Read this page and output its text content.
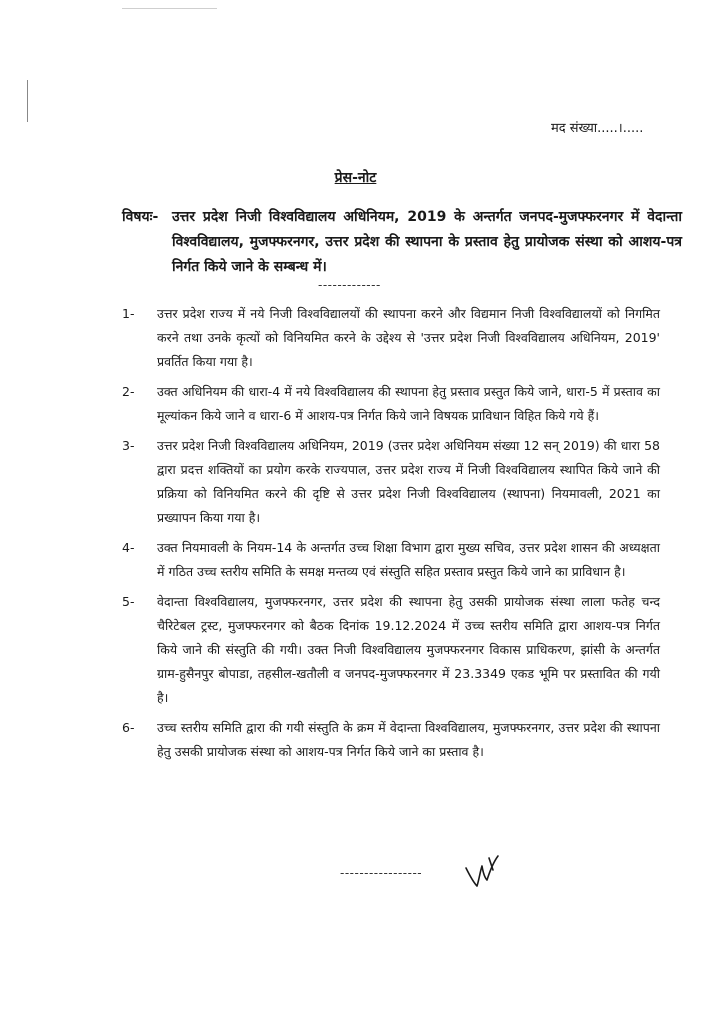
मद संख्या.....।.....
प्रेस-नोट
विषयः- उत्तर प्रदेश निजी विश्वविद्यालय अधिनियम, 2019 के अन्तर्गत जनपद-मुजफ्फरनगर में वेदान्ता विश्वविद्यालय, मुजफ्फरनगर, उत्तर प्रदेश की स्थापना के प्रस्ताव हेतु प्रायोजक संस्था को आशय-पत्र निर्गत किये जाने के सम्बन्ध में।
-------------
1-	उत्तर प्रदेश राज्य में नये निजी विश्वविद्यालयों की स्थापना करने और विद्यमान निजी विश्वविद्यालयों को निगमित करने तथा उनके कृत्यों को विनियमित करने के उद्देश्य से 'उत्तर प्रदेश निजी विश्वविद्यालय अधिनियम, 2019' प्रवर्तित किया गया है।
2-	उक्त अधिनियम की धारा-4 में नये विश्वविद्यालय की स्थापना हेतु प्रस्ताव प्रस्तुत किये जाने, धारा-5 में प्रस्ताव का मूल्यांकन किये जाने व धारा-6 में आशय-पत्र निर्गत किये जाने विषयक प्राविधान विहित किये गये हैं।
3-	उत्तर प्रदेश निजी विश्वविद्यालय अधिनियम, 2019 (उत्तर प्रदेश अधिनियम संख्या 12 सन् 2019) की धारा 58 द्वारा प्रदत्त शक्तियों का प्रयोग करके राज्यपाल, उत्तर प्रदेश राज्य में निजी विश्वविद्यालय स्थापित किये जाने की प्रक्रिया को विनियमित करने की दृष्टि से उत्तर प्रदेश निजी विश्वविद्यालय (स्थापना) नियमावली, 2021 का प्रख्यापन किया गया है।
4-	उक्त नियमावली के नियम-14 के अन्तर्गत उच्च शिक्षा विभाग द्वारा मुख्य सचिव, उत्तर प्रदेश शासन की अध्यक्षता में गठित उच्च स्तरीय समिति के समक्ष मन्तव्य एवं संस्तुति सहित प्रस्ताव प्रस्तुत किये जाने का प्राविधान है।
5-	वेदान्ता विश्वविद्यालय, मुजफ्फरनगर, उत्तर प्रदेश की स्थापना हेतु उसकी प्रायोजक संस्था लाला फतेह चन्द चैरिटेबल ट्रस्ट, मुजफ्फरनगर को बैठक दिनांक 19.12.2024 में उच्च स्तरीय समिति द्वारा आशय-पत्र निर्गत किये जाने की संस्तुति की गयी। उक्त निजी विश्वविद्यालय मुजफ्फरनगर विकास प्राधिकरण, झांसी के अन्तर्गत ग्राम-हुसैनपुर बोपाडा, तहसील-खतौली व जनपद-मुजफ्फरनगर में 23.3349 एकड भूमि पर प्रस्तावित की गयी है।
6-	उच्च स्तरीय समिति द्वारा की गयी संस्तुति के क्रम में वेदान्ता विश्वविद्यालय, मुजफ्फरनगर, उत्तर प्रदेश की स्थापना हेतु उसकी प्रायोजक संस्था को आशय-पत्र निर्गत किये जाने का प्रस्ताव है।
-----------------
